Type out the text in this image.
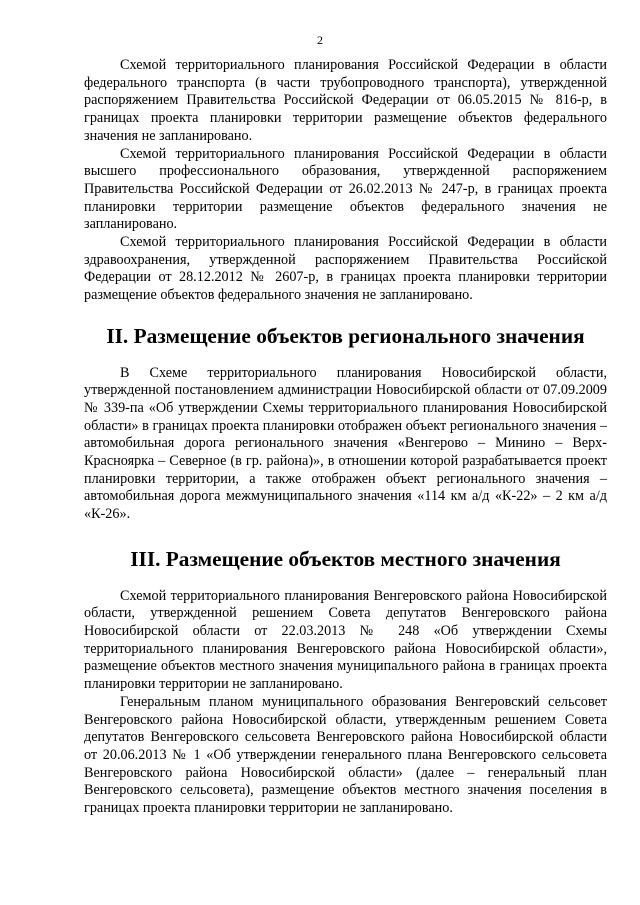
2

Схемой территориального планирования Российской Федерации в области федерального транспорта (в части трубопроводного транспорта), утвержденной распоряжением Правительства Российской Федерации от 06.05.2015 № 816-р, в границах проекта планировки территории размещение объектов федерального значения не запланировано.

Схемой территориального планирования Российской Федерации в области высшего профессионального образования, утвержденной распоряжением Правительства Российской Федерации от 26.02.2013 № 247-р, в границах проекта планировки территории размещение объектов федерального значения не запланировано.

Схемой территориального планирования Российской Федерации в области здравоохранения, утвержденной распоряжением Правительства Российской Федерации от 28.12.2012 № 2607-р, в границах проекта планировки территории размещение объектов федерального значения не запланировано.

II. Размещение объектов регионального значения

В Схеме территориального планирования Новосибирской области, утвержденной постановлением администрации Новосибирской области от 07.09.2009 № 339-па «Об утверждении Схемы территориального планирования Новосибирской области» в границах проекта планировки отображен объект регионального значения – автомобильная дорога регионального значения «Венгерово – Минино – Верх-Красноярка – Северное (в гр. района)», в отношении которой разрабатывается проект планировки территории, а также отображен объект регионального значения – автомобильная дорога межмуниципального значения «114 км а/д «К-22» – 2 км а/д «К-26».

III. Размещение объектов местного значения

Схемой территориального планирования Венгеровского района Новосибирской области, утвержденной решением Совета депутатов Венгеровского района Новосибирской области от 22.03.2013 № 248 «Об утверждении Схемы территориального планирования Венгеровского района Новосибирской области», размещение объектов местного значения муниципального района в границах проекта планировки территории не запланировано.

Генеральным планом муниципального образования Венгеровский сельсовет Венгеровского района Новосибирской области, утвержденным решением Совета депутатов Венгеровского сельсовета Венгеровского района Новосибирской области от 20.06.2013 № 1 «Об утверждении генерального плана Венгеровского сельсовета Венгеровского района Новосибирской области» (далее – генеральный план Венгеровского сельсовета), размещение объектов местного значения поселения в границах проекта планировки территории не запланировано.
